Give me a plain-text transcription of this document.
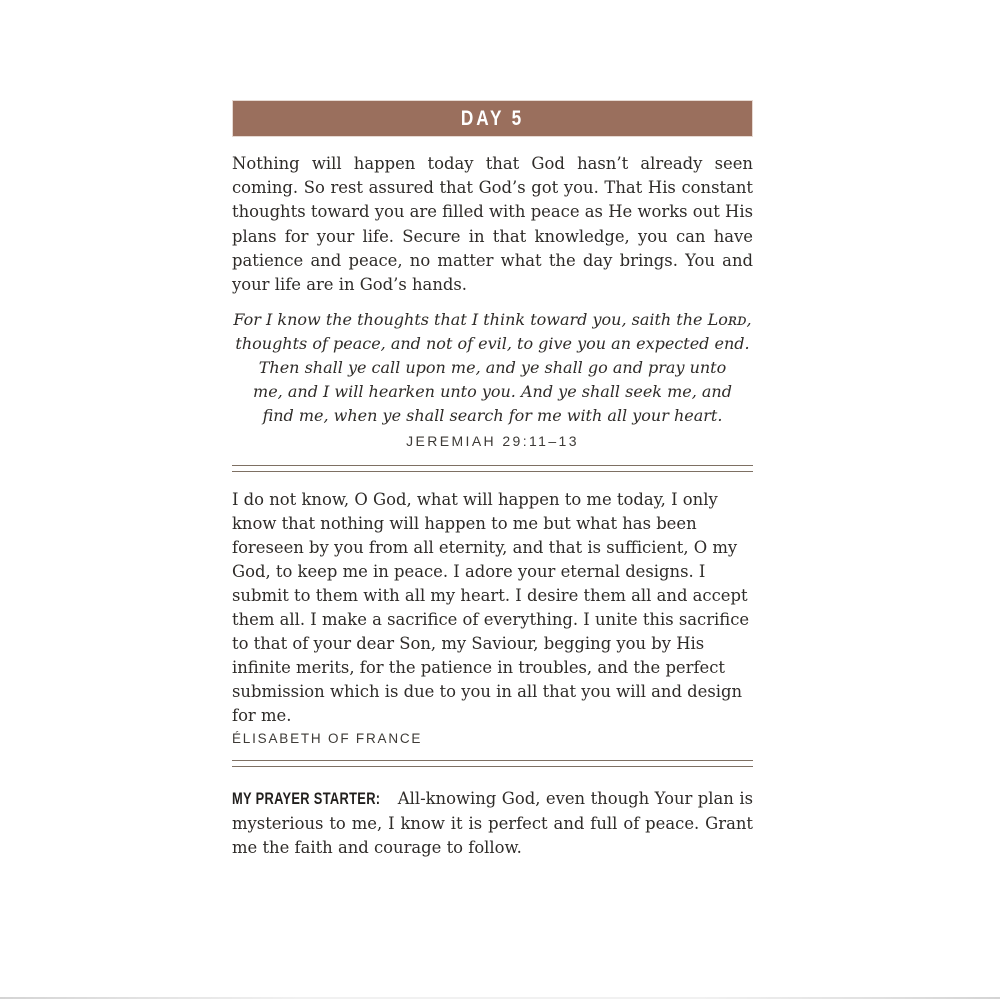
DAY 5

Nothing will happen today that God hasn’t already seen coming. So rest assured that God’s got you. That His constant thoughts toward you are filled with peace as He works out His plans for your life. Secure in that knowledge, you can have patience and peace, no matter what the day brings. You and your life are in God’s hands.

For I know the thoughts that I think toward you, saith the Lᴏʀᴅ,
thoughts of peace, and not of evil, to give you an expected end.
Then shall ye call upon me, and ye shall go and pray unto
me, and I will hearken unto you. And ye shall seek me, and
find me, when ye shall search for me with all your heart.
JEREMIAH 29:11–13

I do not know, O God, what will happen to me today, I only know that nothing will happen to me but what has been foreseen by you from all eternity, and that is sufficient, O my God, to keep me in peace. I adore your eternal designs. I submit to them with all my heart. I desire them all and accept them all. I make a sacrifice of everything. I unite this sacrifice to that of your dear Son, my Saviour, begging you by His infinite merits, for the patience in troubles, and the perfect submission which is due to you in all that you will and design for me.

ÉLISABETH OF FRANCE

MY PRAYER STARTER: All-knowing God, even though Your plan is mysterious to me, I know it is perfect and full of peace. Grant me the faith and courage to follow.
